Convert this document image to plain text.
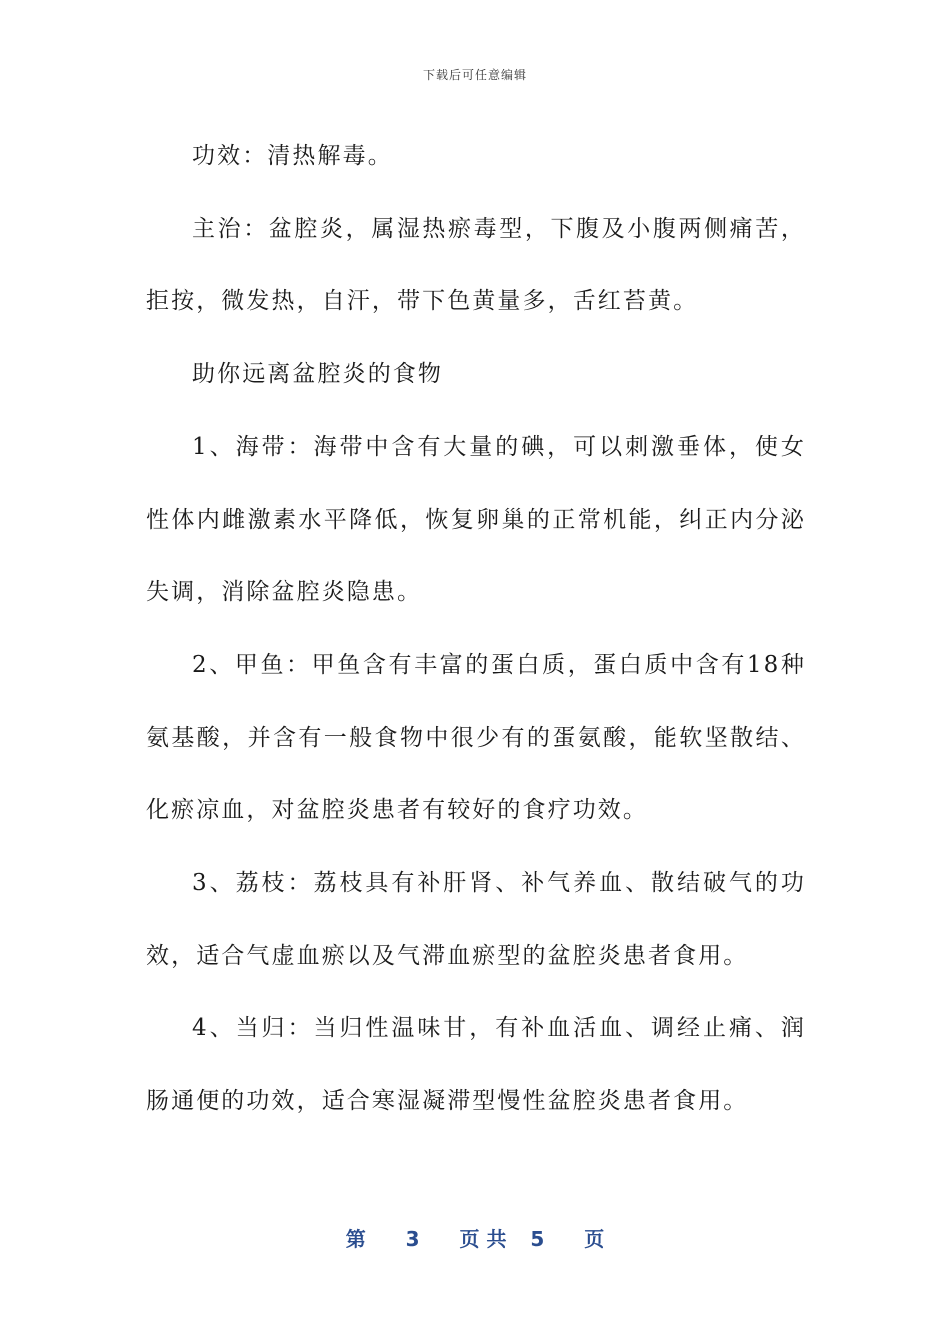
下载后可任意编辑

功效：清热解毒。

主治：盆腔炎，属湿热瘀毒型，下腹及小腹两侧痛苦，拒按，微发热，自汗，带下色黄量多，舌红苔黄。

助你远离盆腔炎的食物

1、海带：海带中含有大量的碘，可以刺激垂体，使女性体内雌激素水平降低，恢复卵巢的正常机能，纠正内分泌失调，消除盆腔炎隐患。

2、甲鱼：甲鱼含有丰富的蛋白质，蛋白质中含有18种氨基酸，并含有一般食物中很少有的蛋氨酸，能软坚散结、化瘀凉血，对盆腔炎患者有较好的食疗功效。

3、荔枝：荔枝具有补肝肾、补气养血、散结破气的功效，适合气虚血瘀以及气滞血瘀型的盆腔炎患者食用。

4、当归：当归性温味甘，有补血活血、调经止痛、润肠通便的功效，适合寒湿凝滞型慢性盆腔炎患者食用。

第 3 页 共 5 页
